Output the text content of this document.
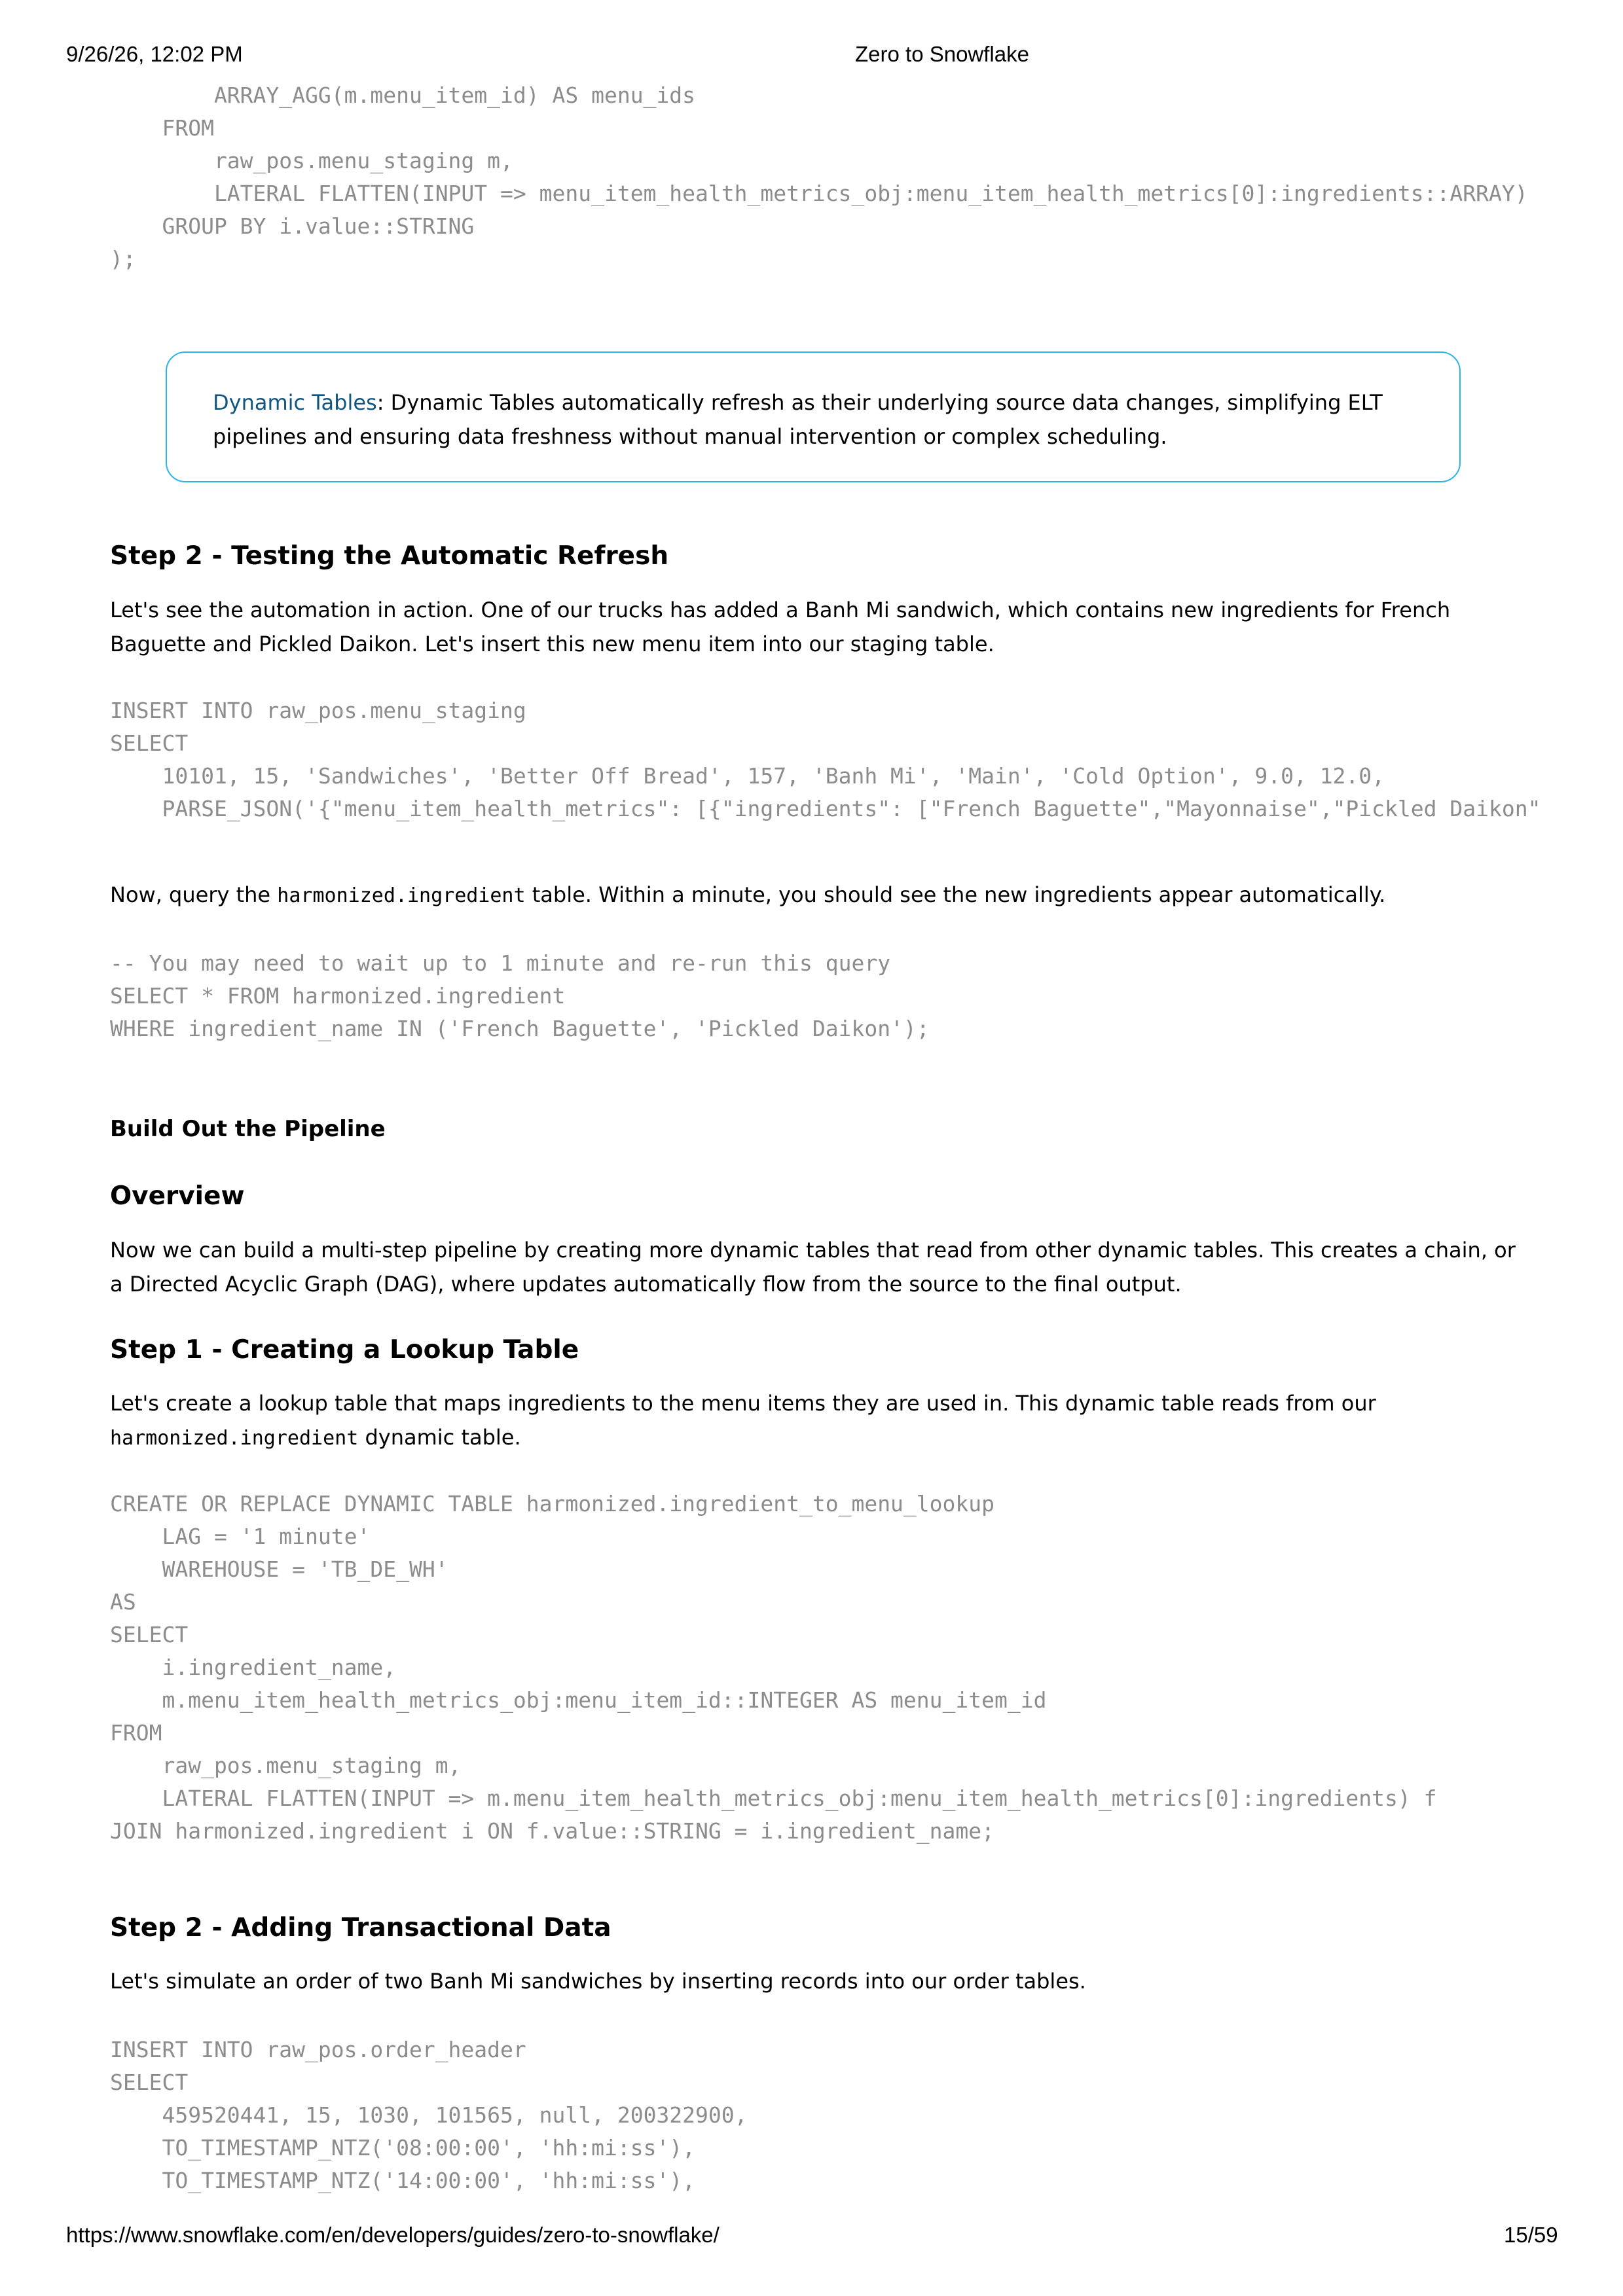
9/26/26, 12:02 PM	Zero to Snowflake
ARRAY_AGG(m.menu_item_id) AS menu_ids
FROM
raw_pos.menu_staging m,
LATERAL FLATTEN(INPUT => menu_item_health_metrics_obj:menu_item_health_metrics[0]:ingredients::ARRAY)
GROUP BY i.value::STRING
);
Dynamic Tables: Dynamic Tables automatically refresh as their underlying source data changes, simplifying ELT pipelines and ensuring data freshness without manual intervention or complex scheduling.
Step 2 - Testing the Automatic Refresh
Let's see the automation in action. One of our trucks has added a Banh Mi sandwich, which contains new ingredients for French Baguette and Pickled Daikon. Let's insert this new menu item into our staging table.
INSERT INTO raw_pos.menu_staging
SELECT
10101, 15, 'Sandwiches', 'Better Off Bread', 157, 'Banh Mi', 'Main', 'Cold Option', 9.0, 12.0,
PARSE_JSON('{"menu_item_health_metrics": [{"ingredients": ["French Baguette","Mayonnaise","Pickled Daikon"
Now, query the harmonized.ingredient table. Within a minute, you should see the new ingredients appear automatically.
-- You may need to wait up to 1 minute and re-run this query
SELECT * FROM harmonized.ingredient
WHERE ingredient_name IN ('French Baguette', 'Pickled Daikon');
Build Out the Pipeline
Overview
Now we can build a multi-step pipeline by creating more dynamic tables that read from other dynamic tables. This creates a chain, or a Directed Acyclic Graph (DAG), where updates automatically flow from the source to the final output.
Step 1 - Creating a Lookup Table
Let's create a lookup table that maps ingredients to the menu items they are used in. This dynamic table reads from our harmonized.ingredient dynamic table.
CREATE OR REPLACE DYNAMIC TABLE harmonized.ingredient_to_menu_lookup
LAG = '1 minute'
WAREHOUSE = 'TB_DE_WH'
AS
SELECT
i.ingredient_name,
m.menu_item_health_metrics_obj:menu_item_id::INTEGER AS menu_item_id
FROM
raw_pos.menu_staging m,
LATERAL FLATTEN(INPUT => m.menu_item_health_metrics_obj:menu_item_health_metrics[0]:ingredients) f
JOIN harmonized.ingredient i ON f.value::STRING = i.ingredient_name;
Step 2 - Adding Transactional Data
Let's simulate an order of two Banh Mi sandwiches by inserting records into our order tables.
INSERT INTO raw_pos.order_header
SELECT
459520441, 15, 1030, 101565, null, 200322900,
TO_TIMESTAMP_NTZ('08:00:00', 'hh:mi:ss'),
TO_TIMESTAMP_NTZ('14:00:00', 'hh:mi:ss'),
https://www.snowflake.com/en/developers/guides/zero-to-snowflake/	15/59
